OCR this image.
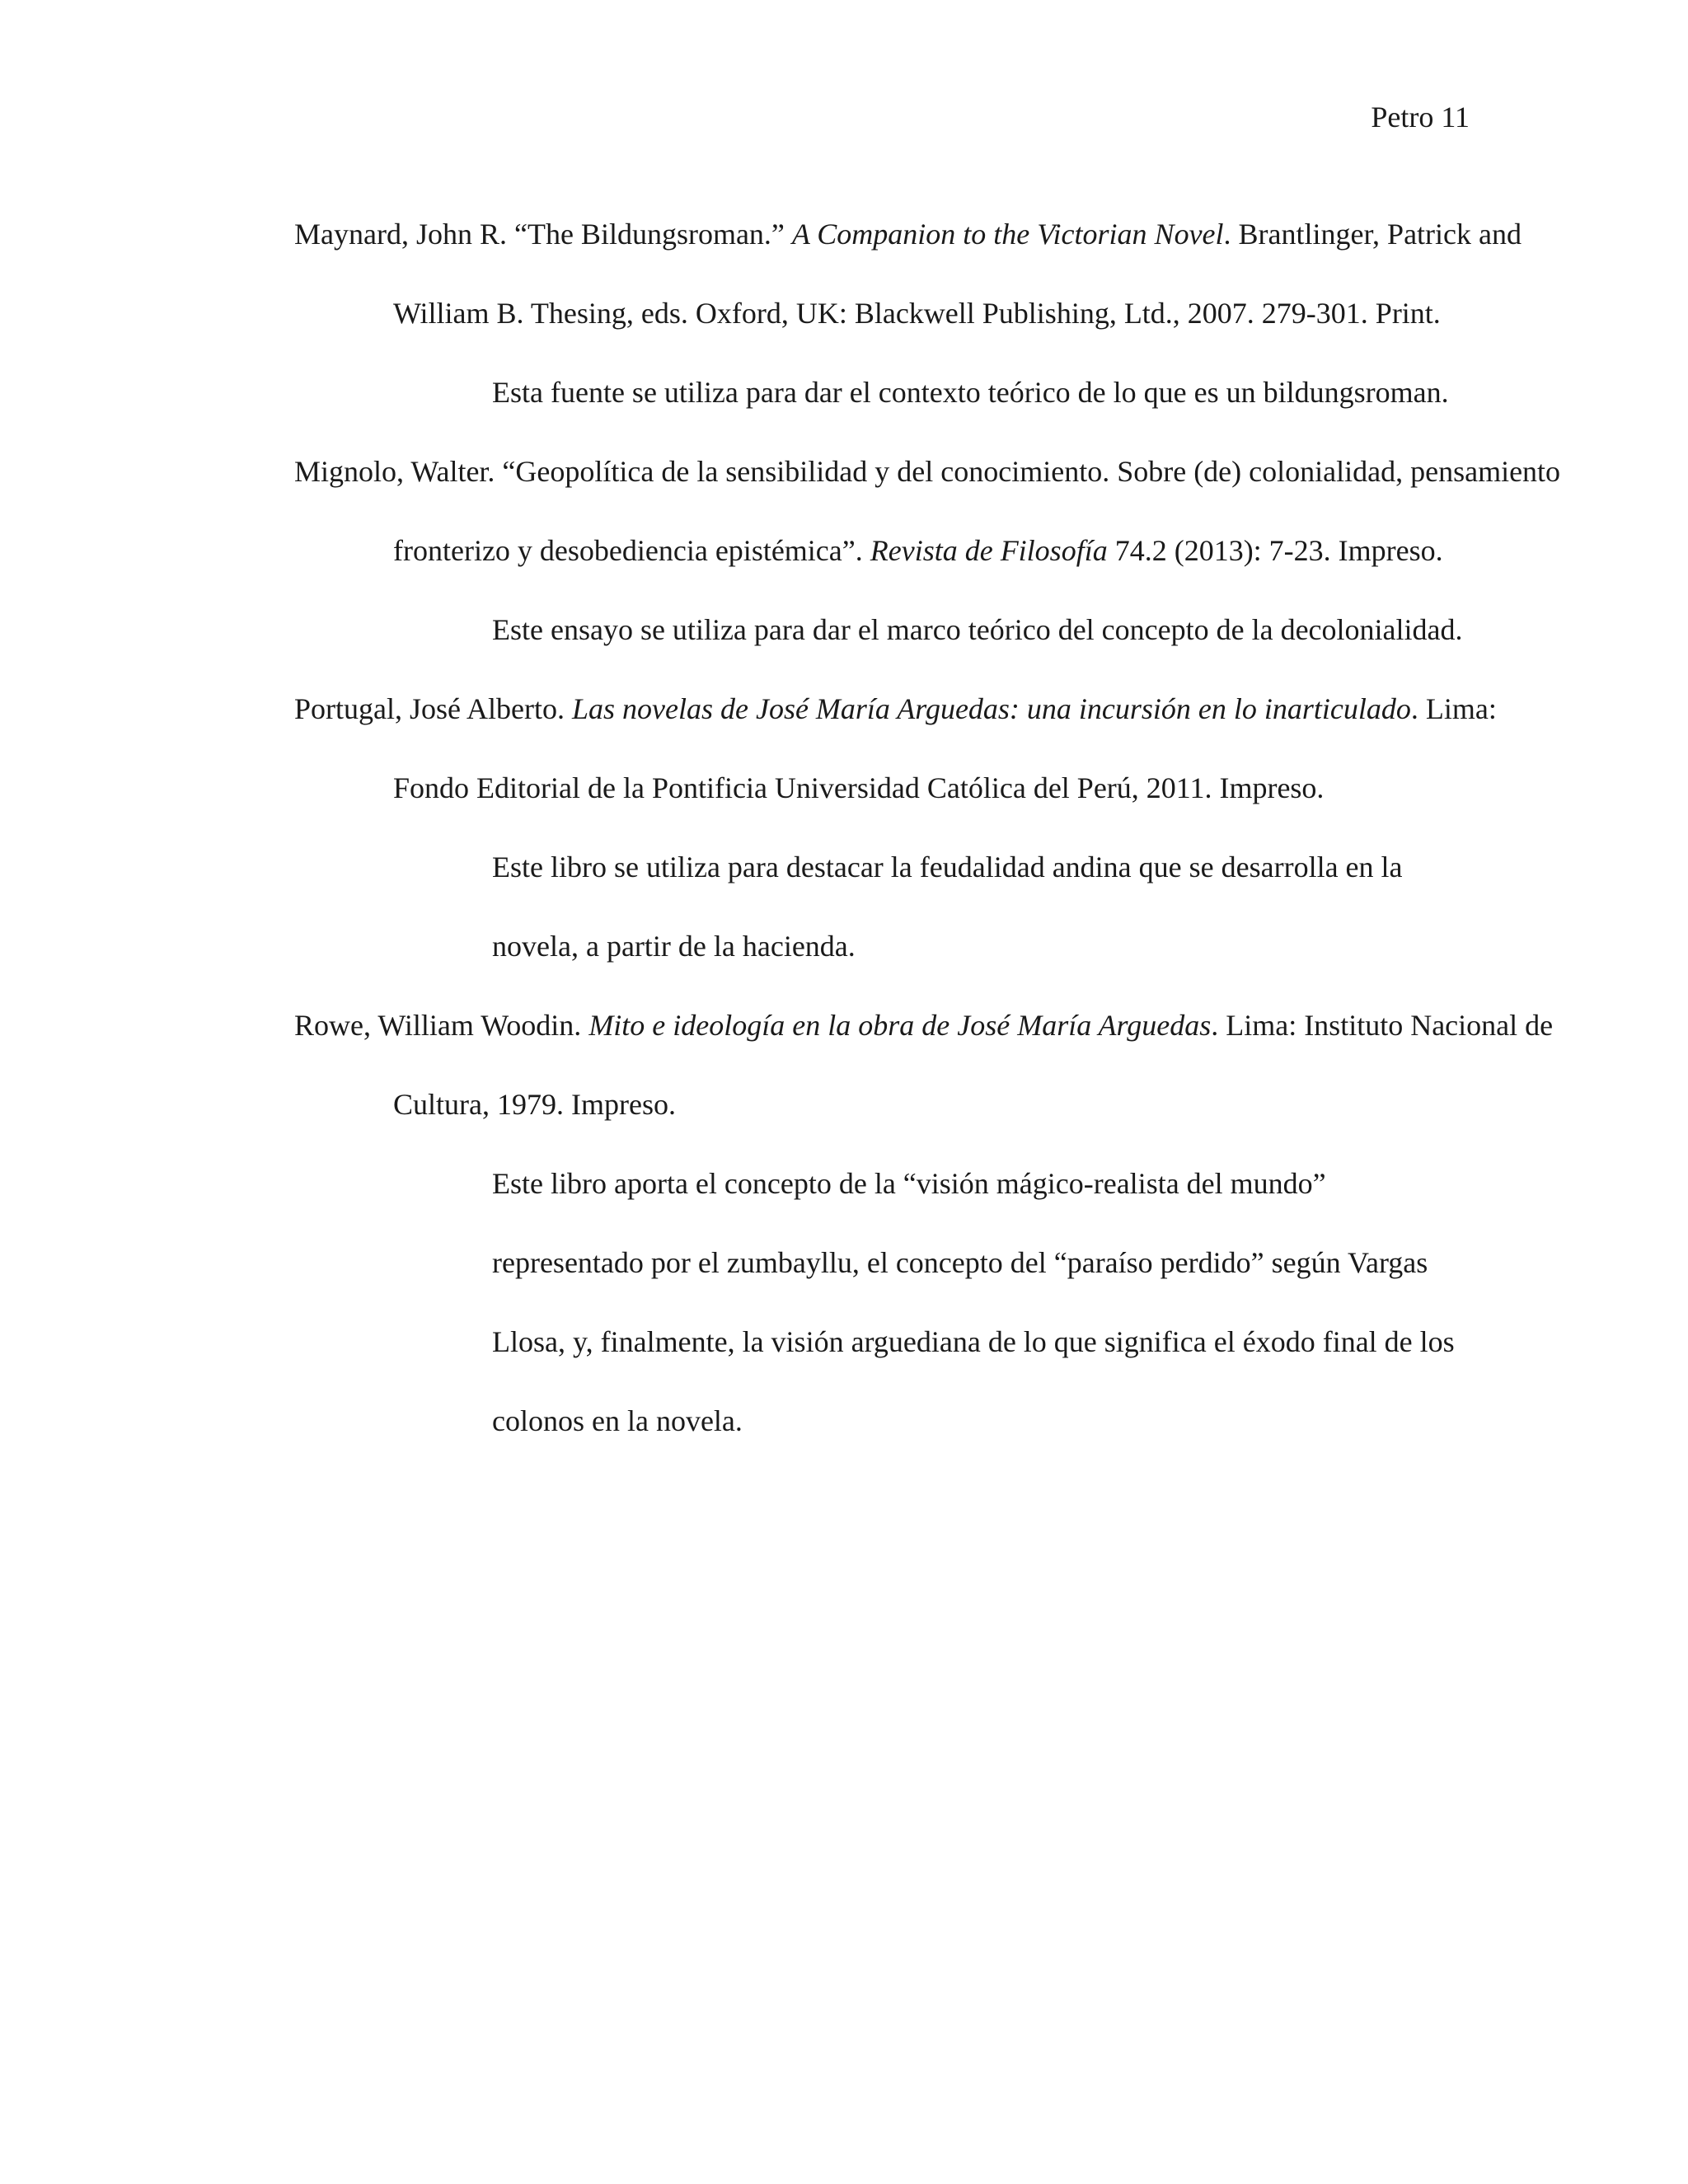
Petro 11

Maynard, John R. “The Bildungsroman.” A Companion to the Victorian Novel. Brantlinger, Patrick and William B. Thesing, eds. Oxford, UK: Blackwell Publishing, Ltd., 2007. 279-301. Print.

Esta fuente se utiliza para dar el contexto teórico de lo que es un bildungsroman.

Mignolo, Walter. “Geopolítica de la sensibilidad y del conocimiento. Sobre (de) colonialidad, pensamiento fronterizo y desobediencia epistémica”. Revista de Filosofía 74.2 (2013): 7-23. Impreso.

Este ensayo se utiliza para dar el marco teórico del concepto de la decolonialidad.

Portugal, José Alberto. Las novelas de José María Arguedas: una incursión en lo inarticulado. Lima: Fondo Editorial de la Pontificia Universidad Católica del Perú, 2011. Impreso.

Este libro se utiliza para destacar la feudalidad andina que se desarrolla en la novela, a partir de la hacienda.

Rowe, William Woodin. Mito e ideología en la obra de José María Arguedas. Lima: Instituto Nacional de Cultura, 1979. Impreso.

Este libro aporta el concepto de la “visión mágico-realista del mundo” representado por el zumbayllu, el concepto del “paraíso perdido” según Vargas Llosa, y, finalmente, la visión arguediana de lo que significa el éxodo final de los colonos en la novela.
